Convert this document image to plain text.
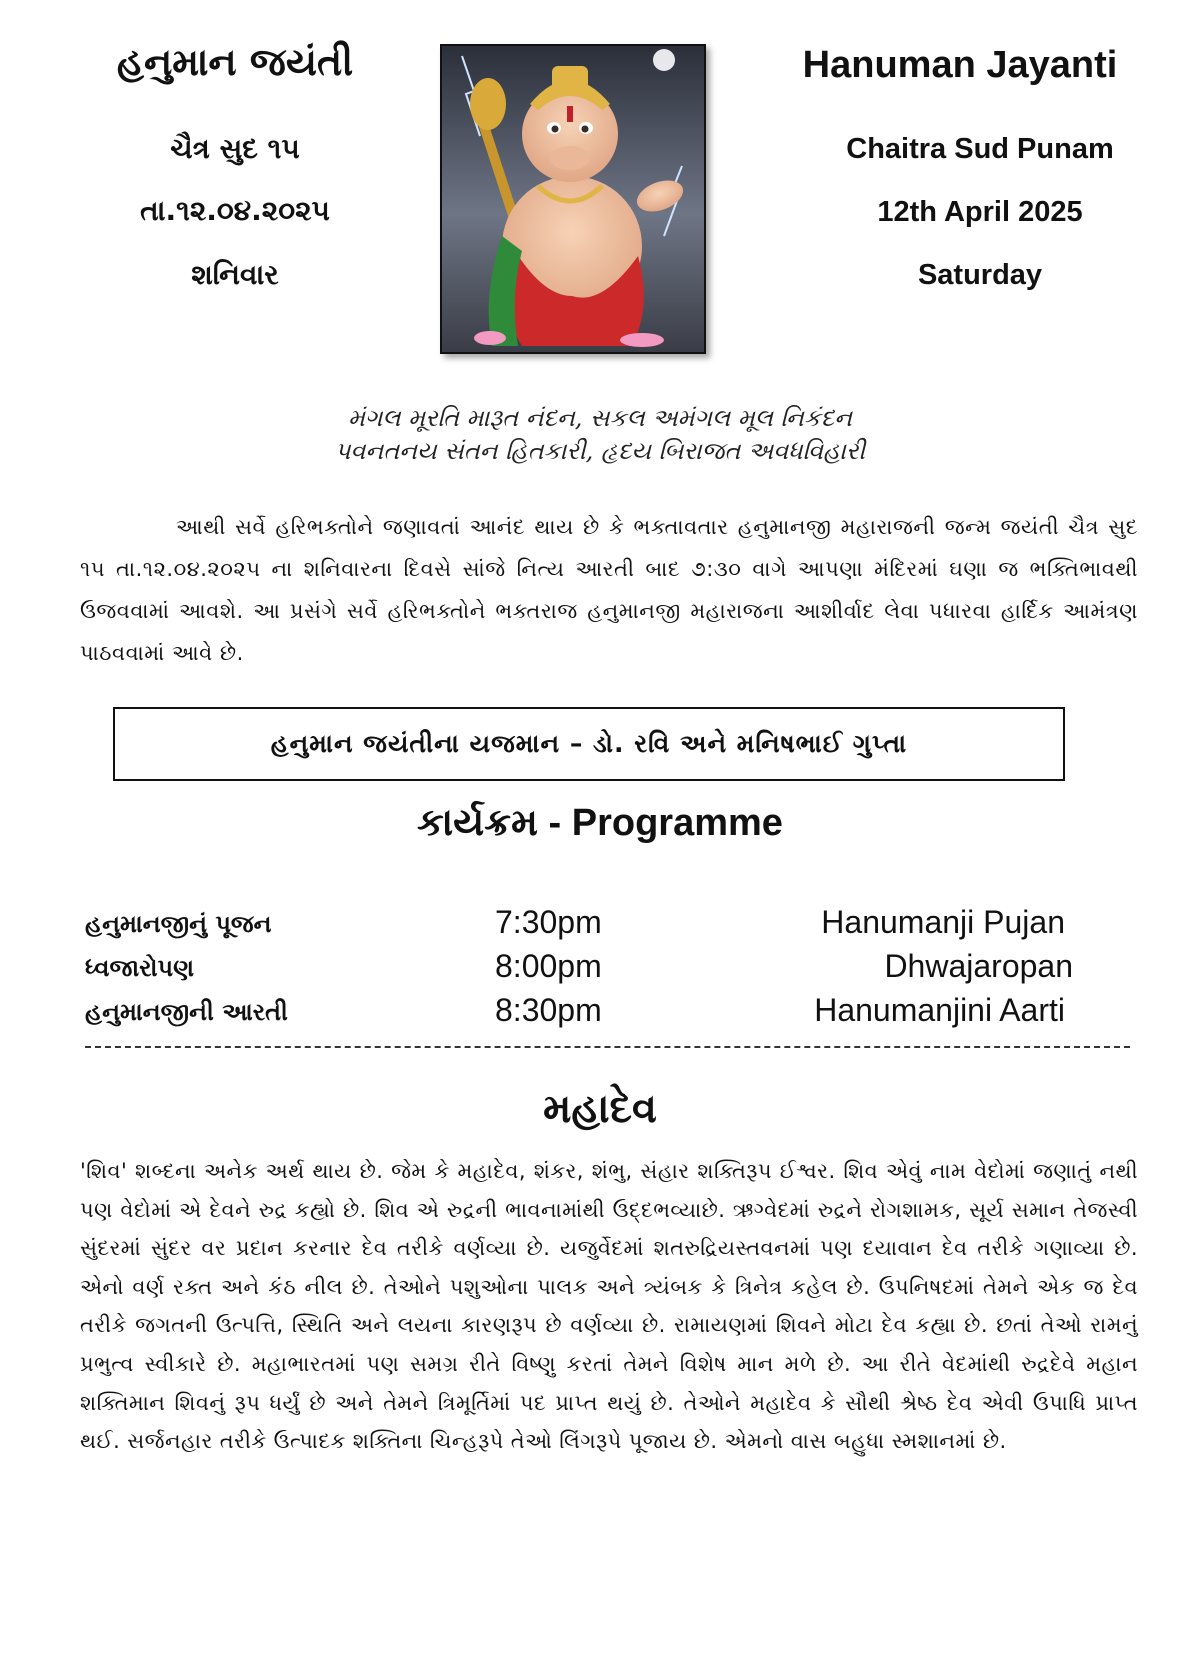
હનુમાન જયંતી
ચૈત્ર સુદ ૧૫
તા.૧૨.૦૪.૨૦૨૫
શનિવાર
Hanuman Jayanti
Chaitra Sud Punam
12th April 2025
Saturday
મંગલ મૂરતિ મારૂત નંદન, સકલ અમંગલ મૂલ નિકંદન
પવનતનય સંતન હિતકારી, હૃદય બિરાજત અવધવિહારી
આથી સર્વે હરિભક્તોને જણાવતાં આનંદ થાય છે કે ભક્તાવતાર હનુમાનજી મહારાજની જન્મ જયંતી ચૈત્ર સુદ ૧૫ તા.૧૨.૦૪.૨૦૨૫ ના શનિવારના દિવસે સાંજે નિત્ય આરતી બાદ ૭:૩૦ વાગે આપણા મંદિરમાં ઘણા જ ભક્તિભાવથી ઉજવવામાં આવશે. આ પ્રસંગે સર્વે હરિભક્તોને ભક્તરાજ હનુમાનજી મહારાજના આશીર્વાદ લેવા પધારવા હાર્દિક આમંત્રણ પાઠવવામાં આવે છે.
હનુમાન જયંતીના યજમાન – ડો. રવિ અને મનિષભાઈ ગુપ્તા
કાર્યક્રમ - Programme
હનુમાનજીનું પૂજન	7:30pm	Hanumanji Pujan
ધ્વજારોપણ	8:00pm	Dhwajaropan
હનુમાનજીની આરતી	8:30pm	Hanumanjini Aarti
મહાદેવ
'શિવ' શબ્દના અનેક અર્થ થાય છે. જેમ કે મહાદેવ, શંકર, શંભુ, સંહાર શક્તિરૂપ ઈશ્વર. શિવ એવું નામ વેદોમાં જણાતું નથી પણ વેદોમાં એ દેવને રુદ્ર કહ્યો છે. શિવ એ રુદ્રની ભાવનામાંથી ઉદ્દભવ્યાછે. ઋગ્વેદમાં રુદ્રને રોગશામક, સૂર્ય સમાન તેજસ્વી સુંદરમાં સુંદર વર પ્રદાન કરનાર દેવ તરીકે વર્ણવ્યા છે. યજુર્વેદમાં શતરુદ્રિયસ્તવનમાં પણ દયાવાન દેવ તરીકે ગણાવ્યા છે. એનો વર્ણ રક્ત અને કંઠ નીલ છે. તેઓને પશુઓના પાલક અને ત્ર્યંબક કે ત્રિનેત્ર કહેલ છે. ઉપનિષદમાં તેમને એક જ દેવ તરીકે જગતની ઉત્પત્તિ, સ્થિતિ અને લયના કારણરૂપ છે વર્ણવ્યા છે. રામાયણમાં શિવને મોટા દેવ કહ્યા છે. છતાં તેઓ રામનું પ્રભુત્વ સ્વીકારે છે. મહાભારતમાં પણ સમગ્ર રીતે વિષ્ણુ કરતાં તેમને વિશેષ માન મળે છે. આ રીતે વેદમાંથી રુદ્રદેવે મહાન શક્તિમાન શિવનું રૂપ ધર્યું છે અને તેમને ત્રિમૂર્તિમાં પદ પ્રાપ્ત થયું છે. તેઓને મહાદેવ કે સૌથી શ્રેષ્ઠ દેવ એવી ઉપાધિ પ્રાપ્ત થઈ. સર્જનહાર તરીકે ઉત્પાદક શક્તિના ચિન્હરૂપે તેઓ લિંગરૂપે પૂજાય છે. એમનો વાસ બહુધા સ્મશાનમાં છે.
